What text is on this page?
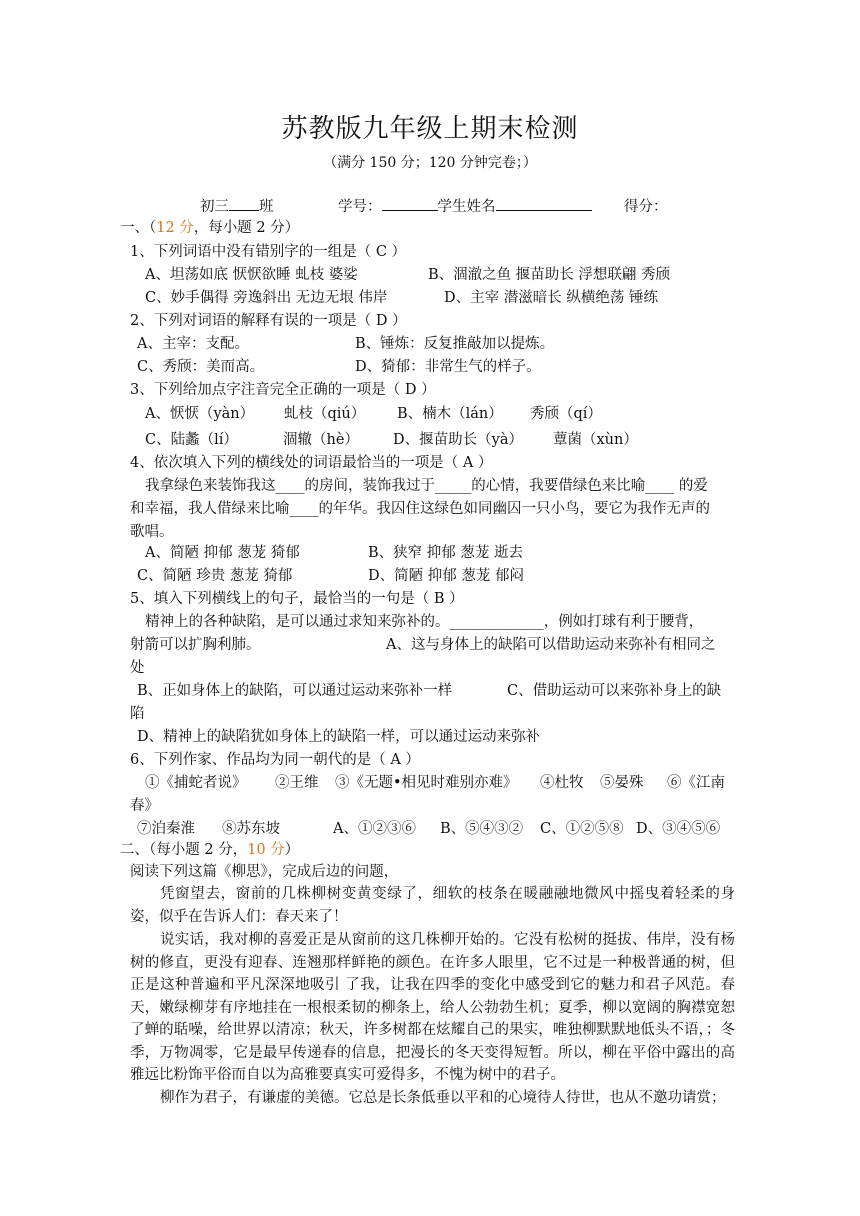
苏教版九年级上期末检测
（满分 150 分；120 分钟完卷；）
初三 班	学号：	学生姓名	得分：
一、（12 分，每小题 2 分）
1、下列词语中没有错别字的一组是（ C ）
A、坦荡如底 恹恹欲睡 虬枝 婆娑	B、涸澈之鱼 揠苗助长 浮想联翩 秀颀
C、妙手偶得 旁逸斜出 无边无垠 伟岸	D、主宰 潜滋暗长 纵横绝荡 锤练
2、下列对词语的解释有误的一项是（ D ）
A、主宰：支配。	B、锤炼：反复推敲加以提炼。
C、秀颀：美而高。	D、猗郁：非常生气的样子。
3、下列给加点字注音完全正确的一项是（ D ）
A、恹恹（yàn） 虬枝（qiú） B、楠木（lán） 秀颀（qí）
C、陆蠡（lí）	涸辙（hè） D、揠苗助长（yà） 蕈菌（xùn）
4、依次填入下列的横线处的词语最恰当的一项是（ A ）
我拿绿色来装饰我这____的房间，装饰我过于_____的心情，我要借绿色来比喻____ 的爱
和幸福，我人借绿来比喻____的年华。我囚住这绿色如同幽囚一只小鸟，要它为我作无声的
歌唱。
A、简陋 抑郁 葱茏 猗郁	B、狭窄 抑郁 葱茏 逝去
C、简陋 珍贵 葱茏 猗郁	D、简陋 抑郁 葱茏 郁闷
5、填入下列横线上的句子，最恰当的一句是（ B ）
精神上的各种缺陷，是可以通过求知来弥补的。_____________，例如打球有利于腰背，
射箭可以扩胸利肺。	A、这与身体上的缺陷可以借助运动来弥补有相同之
处
B、正如身体上的缺陷，可以通过运动来弥补一样	C、借助运动可以来弥补身上的缺
陷
D、精神上的缺陷犹如身体上的缺陷一样，可以通过运动来弥补
6、下列作家、作品均为同一朝代的是（ A ）
①《捕蛇者说》 ②王维 ③《无题•相见时难别亦难》 ④杜牧 ⑤晏殊 ⑥《江南
春》
⑦泊秦淮 ⑧苏东坡	A、①②③⑥ B、⑤④③② C、①②⑤⑧ D、③④⑤⑥
二、（每小题 2 分，10 分）
阅读下列这篇《柳思》，完成后边的问题，
凭窗望去，窗前的几株柳树变黄变绿了，细软的枝条在暖融融地微风中摇曳着轻柔的身姿，似乎在告诉人们：春天来了！
说实话，我对柳的喜爱正是从窗前的这几株柳开始的。它没有松树的挺拔、伟岸，没有杨树的修直，更没有迎春、连翘那样鲜艳的颜色。在许多人眼里，它不过是一种极普通的树，但正是这种普遍和平凡深深地吸引 了我，让我在四季的变化中感受到它的魅力和君子风范。春天，嫩绿柳芽有序地挂在一根根柔韧的柳条上，给人公勃勃生机；夏季，柳以宽阔的胸襟宽恕了蝉的聒噪，给世界以清凉；秋天，许多树都在炫耀自己的果实，唯独柳默默地低头不语，；冬季，万物凋零，它是最早传递春的信息，把漫长的冬天变得短暂。所以，柳在平俗中露出的高雅远比粉饰平俗而自以为高雅要真实可爱得多，不愧为树中的君子。
柳作为君子，有谦虚的美德。它总是长条低垂以平和的心境待人待世，也从不邀功请赏；
